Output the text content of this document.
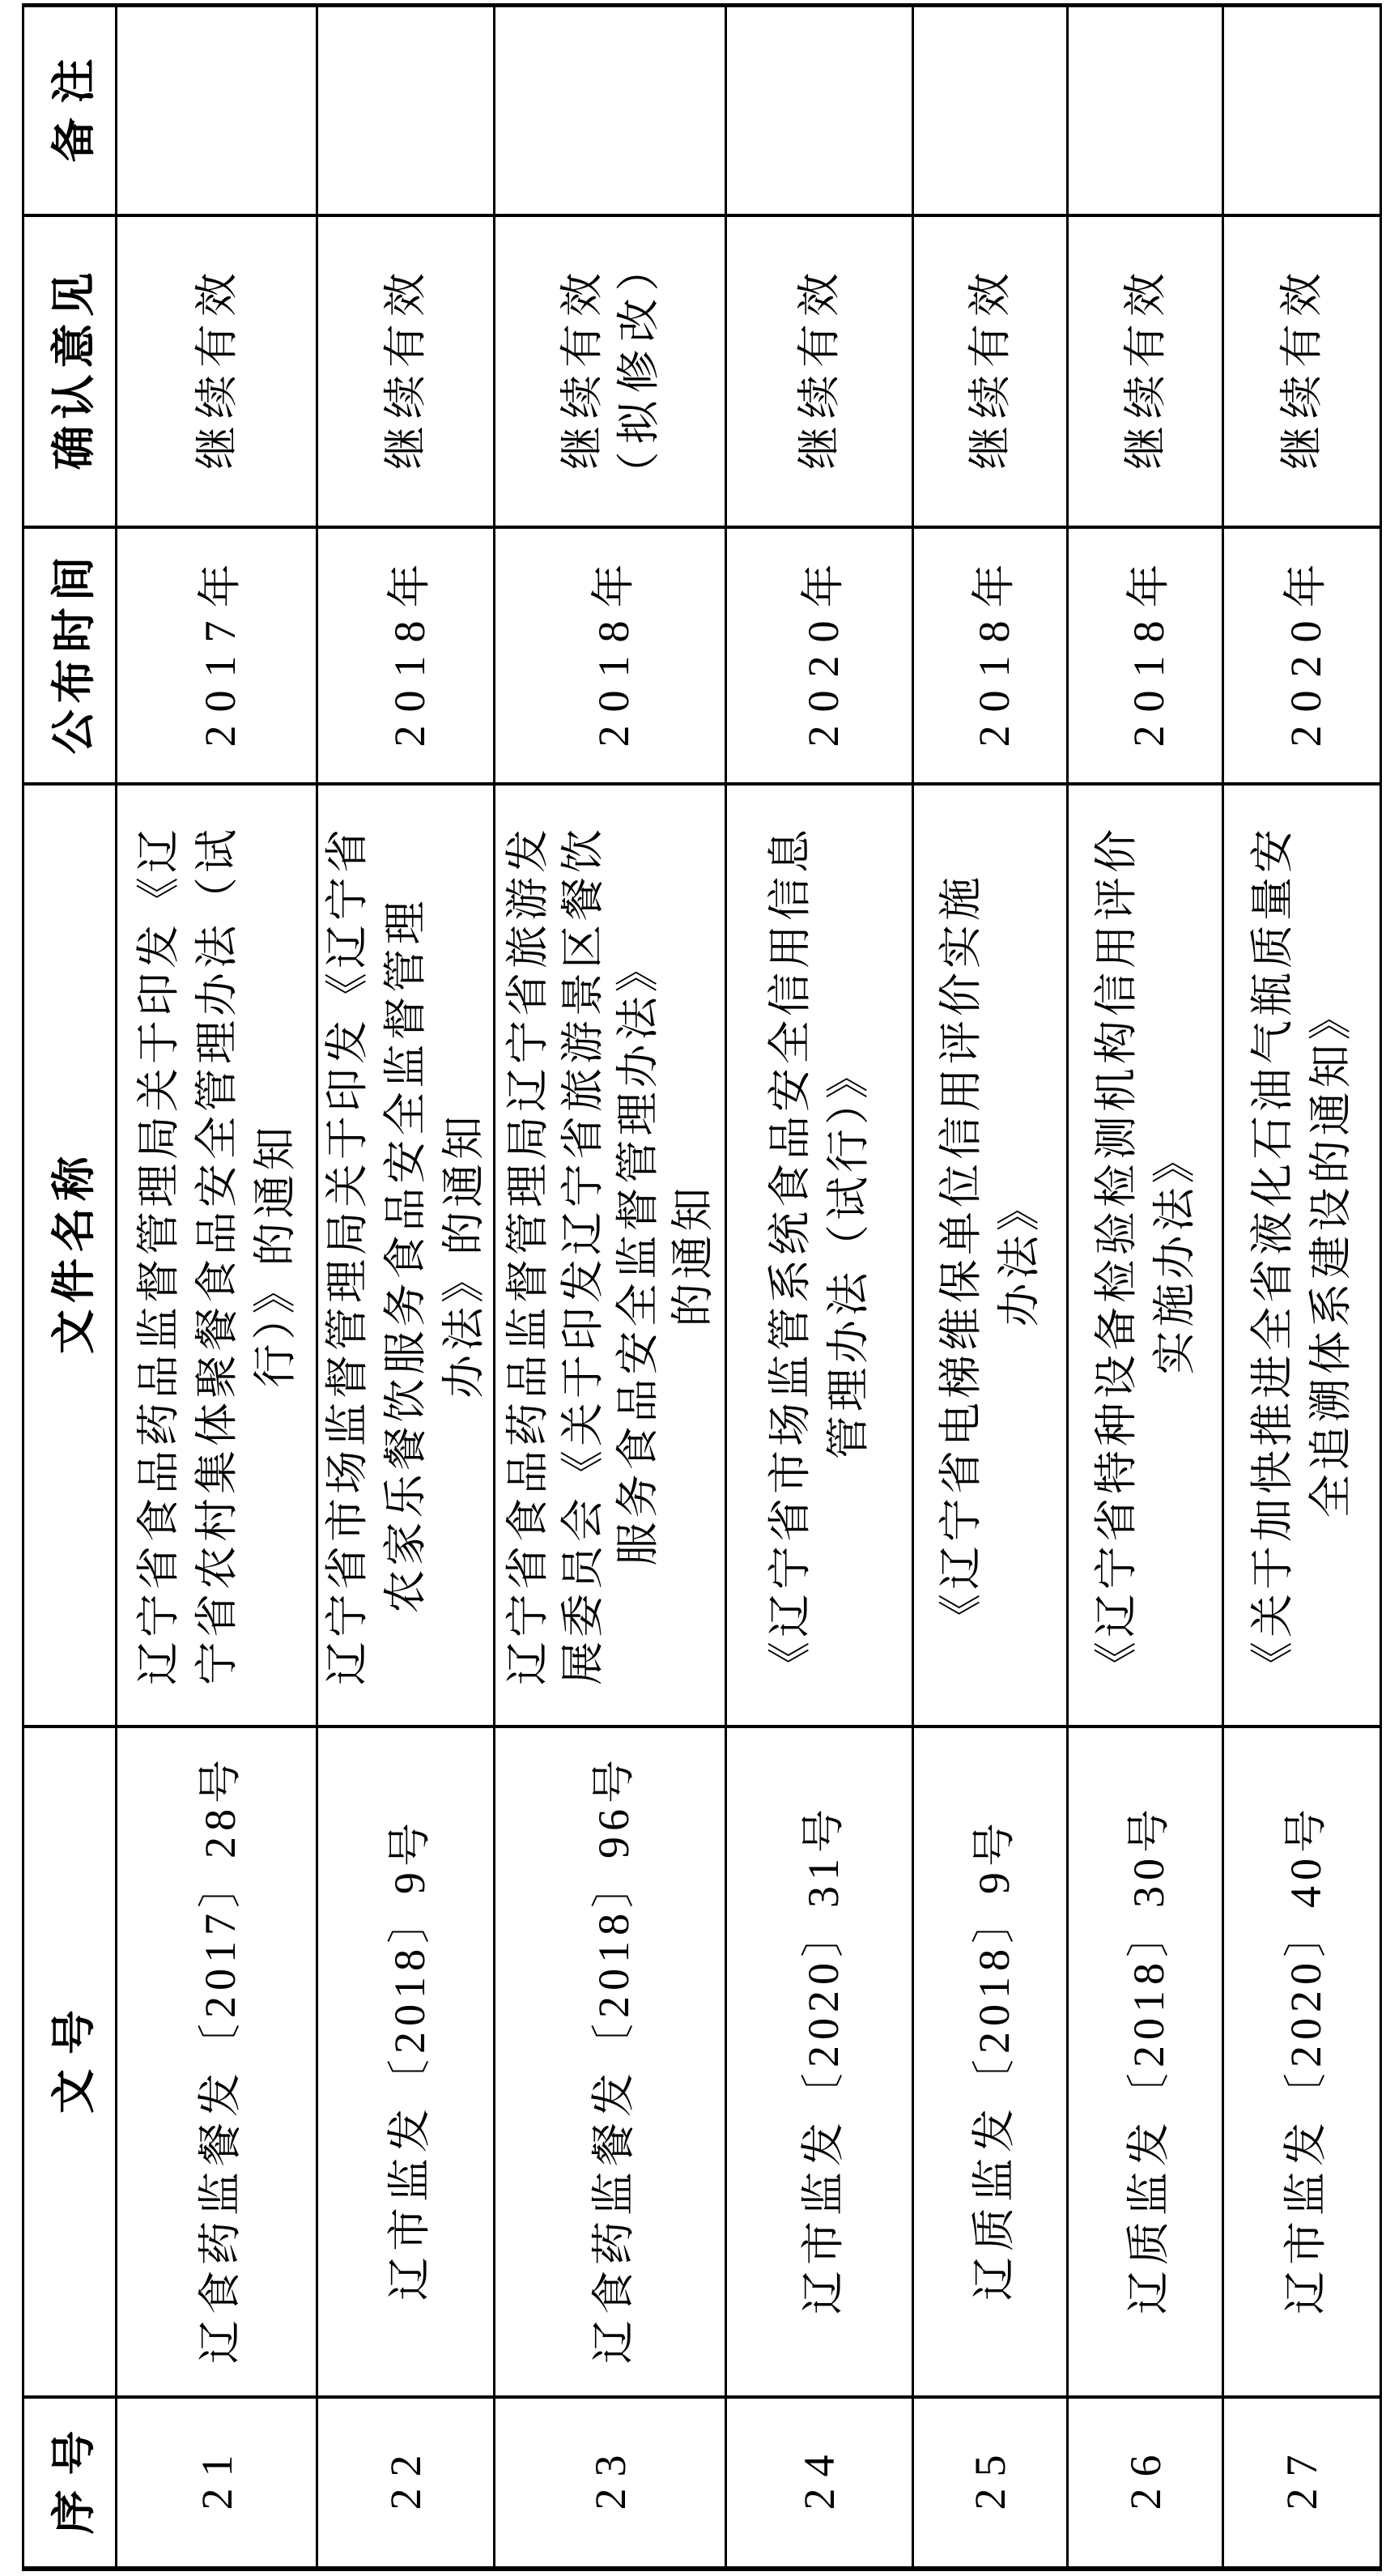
序号
文号
文件名称
公布时间
确认意见
备注
21
辽食药监餐发〔2017〕28号
辽宁省食品药品监督管理局关于印发《辽 宁省农村集体聚餐食品安全管理办法（试 行）》的通知
2017年
继续有效
22
辽市监发〔2018〕9号
辽宁省市场监督管理局关于印发《辽宁省 农家乐餐饮服务食品安全监督管理 办法》的通知
2018年
继续有效
23
辽食药监餐发〔2018〕96号
辽宁省食品药品监督管理局辽宁省旅游发 展委员会《关于印发辽宁省旅游景区餐饮 服务食品安全监督管理办法》 的通知
2018年
继续有效 （拟修改）
24
辽市监发〔2020〕31号
《辽宁省市场监管系统食品安全信用信息 管理办法（试行）》
2020年
继续有效
25
辽质监发〔2018〕9号
《辽宁省电梯维保单位信用评价实施 办法》
2018年
继续有效
26
辽质监发〔2018〕30号
《辽宁省特种设备检验检测机构信用评价 实施办法》
2018年
继续有效
27
辽市监发〔2020〕40号
《关于加快推进全省液化石油气瓶质量安 全追溯体系建设的通知》
2020年
继续有效
